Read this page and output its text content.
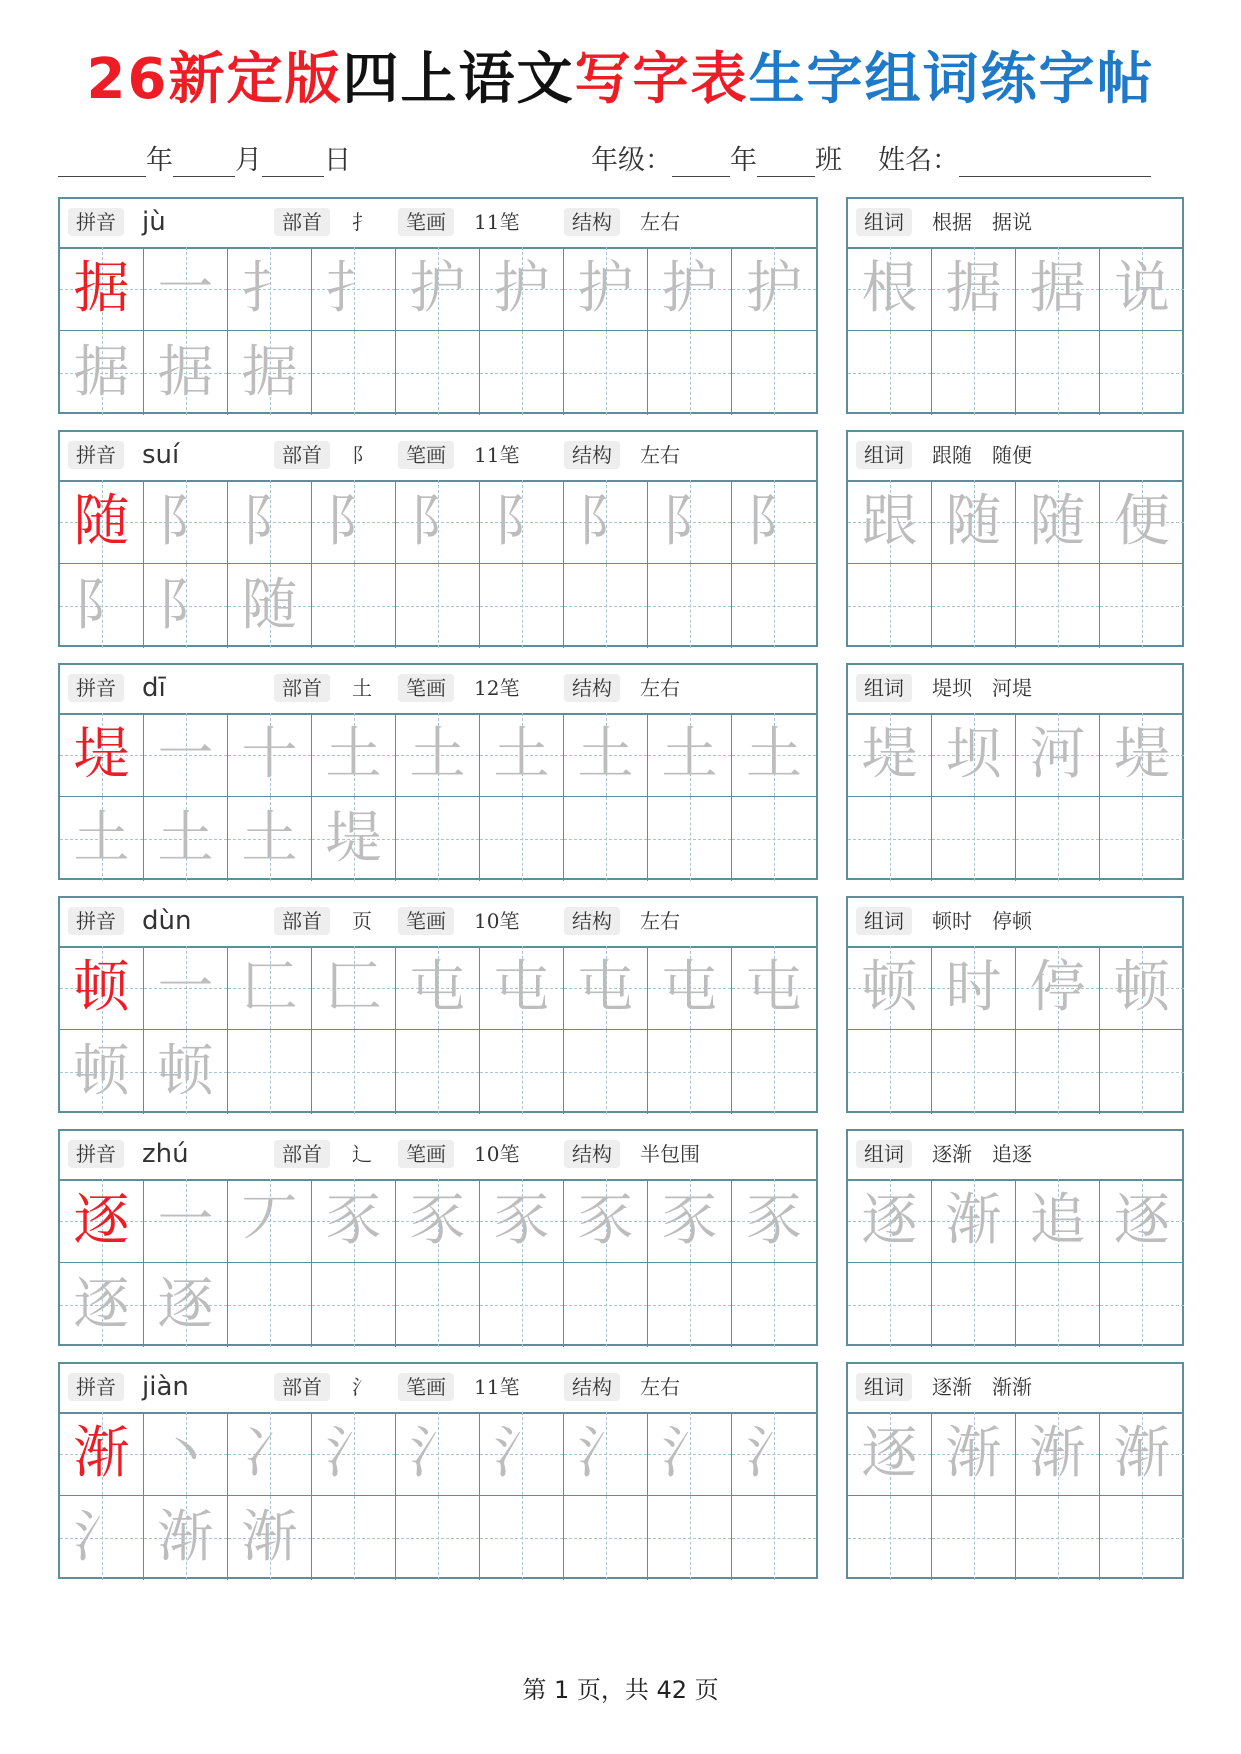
26新定版四上语文写字表生字组词练字帖
年 月 日	年级： 年 班 姓名：
拼音	jù	部首	扌	笔画	11笔	结构	左右
据 一 扌 扌 护 护 护 护 护
据 据 据
组词	根据　据说
根 据 据 说
拼音	suí	部首	阝	笔画	11笔	结构	左右
随 阝 阝 阝 阝 阝 阝 阝 阝
阝 阝 随
组词	跟随　随便
跟 随 随 便
拼音	dī	部首	土	笔画	12笔	结构	左右
堤 一 十 土 土 土 土 土 土
土 土 土 堤
组词	堤坝　河堤
堤 坝 河 堤
拼音	dùn	部首	页	笔画	10笔	结构	左右
顿 一 匚 匚 屯 屯 屯 屯 屯
顿 顿
组词	顿时　停顿
顿 时 停 顿
拼音	zhú	部首	辶	笔画	10笔	结构	半包围
逐 一 丆 豕 豕 豕 豕 豕 豕
逐 逐
组词	逐渐　追逐
逐 渐 追 逐
拼音	jiàn	部首	氵	笔画	11笔	结构	左右
渐 丶 冫 氵 氵 氵 氵 氵 氵
氵 渐 渐
组词	逐渐　渐渐
逐 渐 渐 渐
第 1 页，共 42 页
